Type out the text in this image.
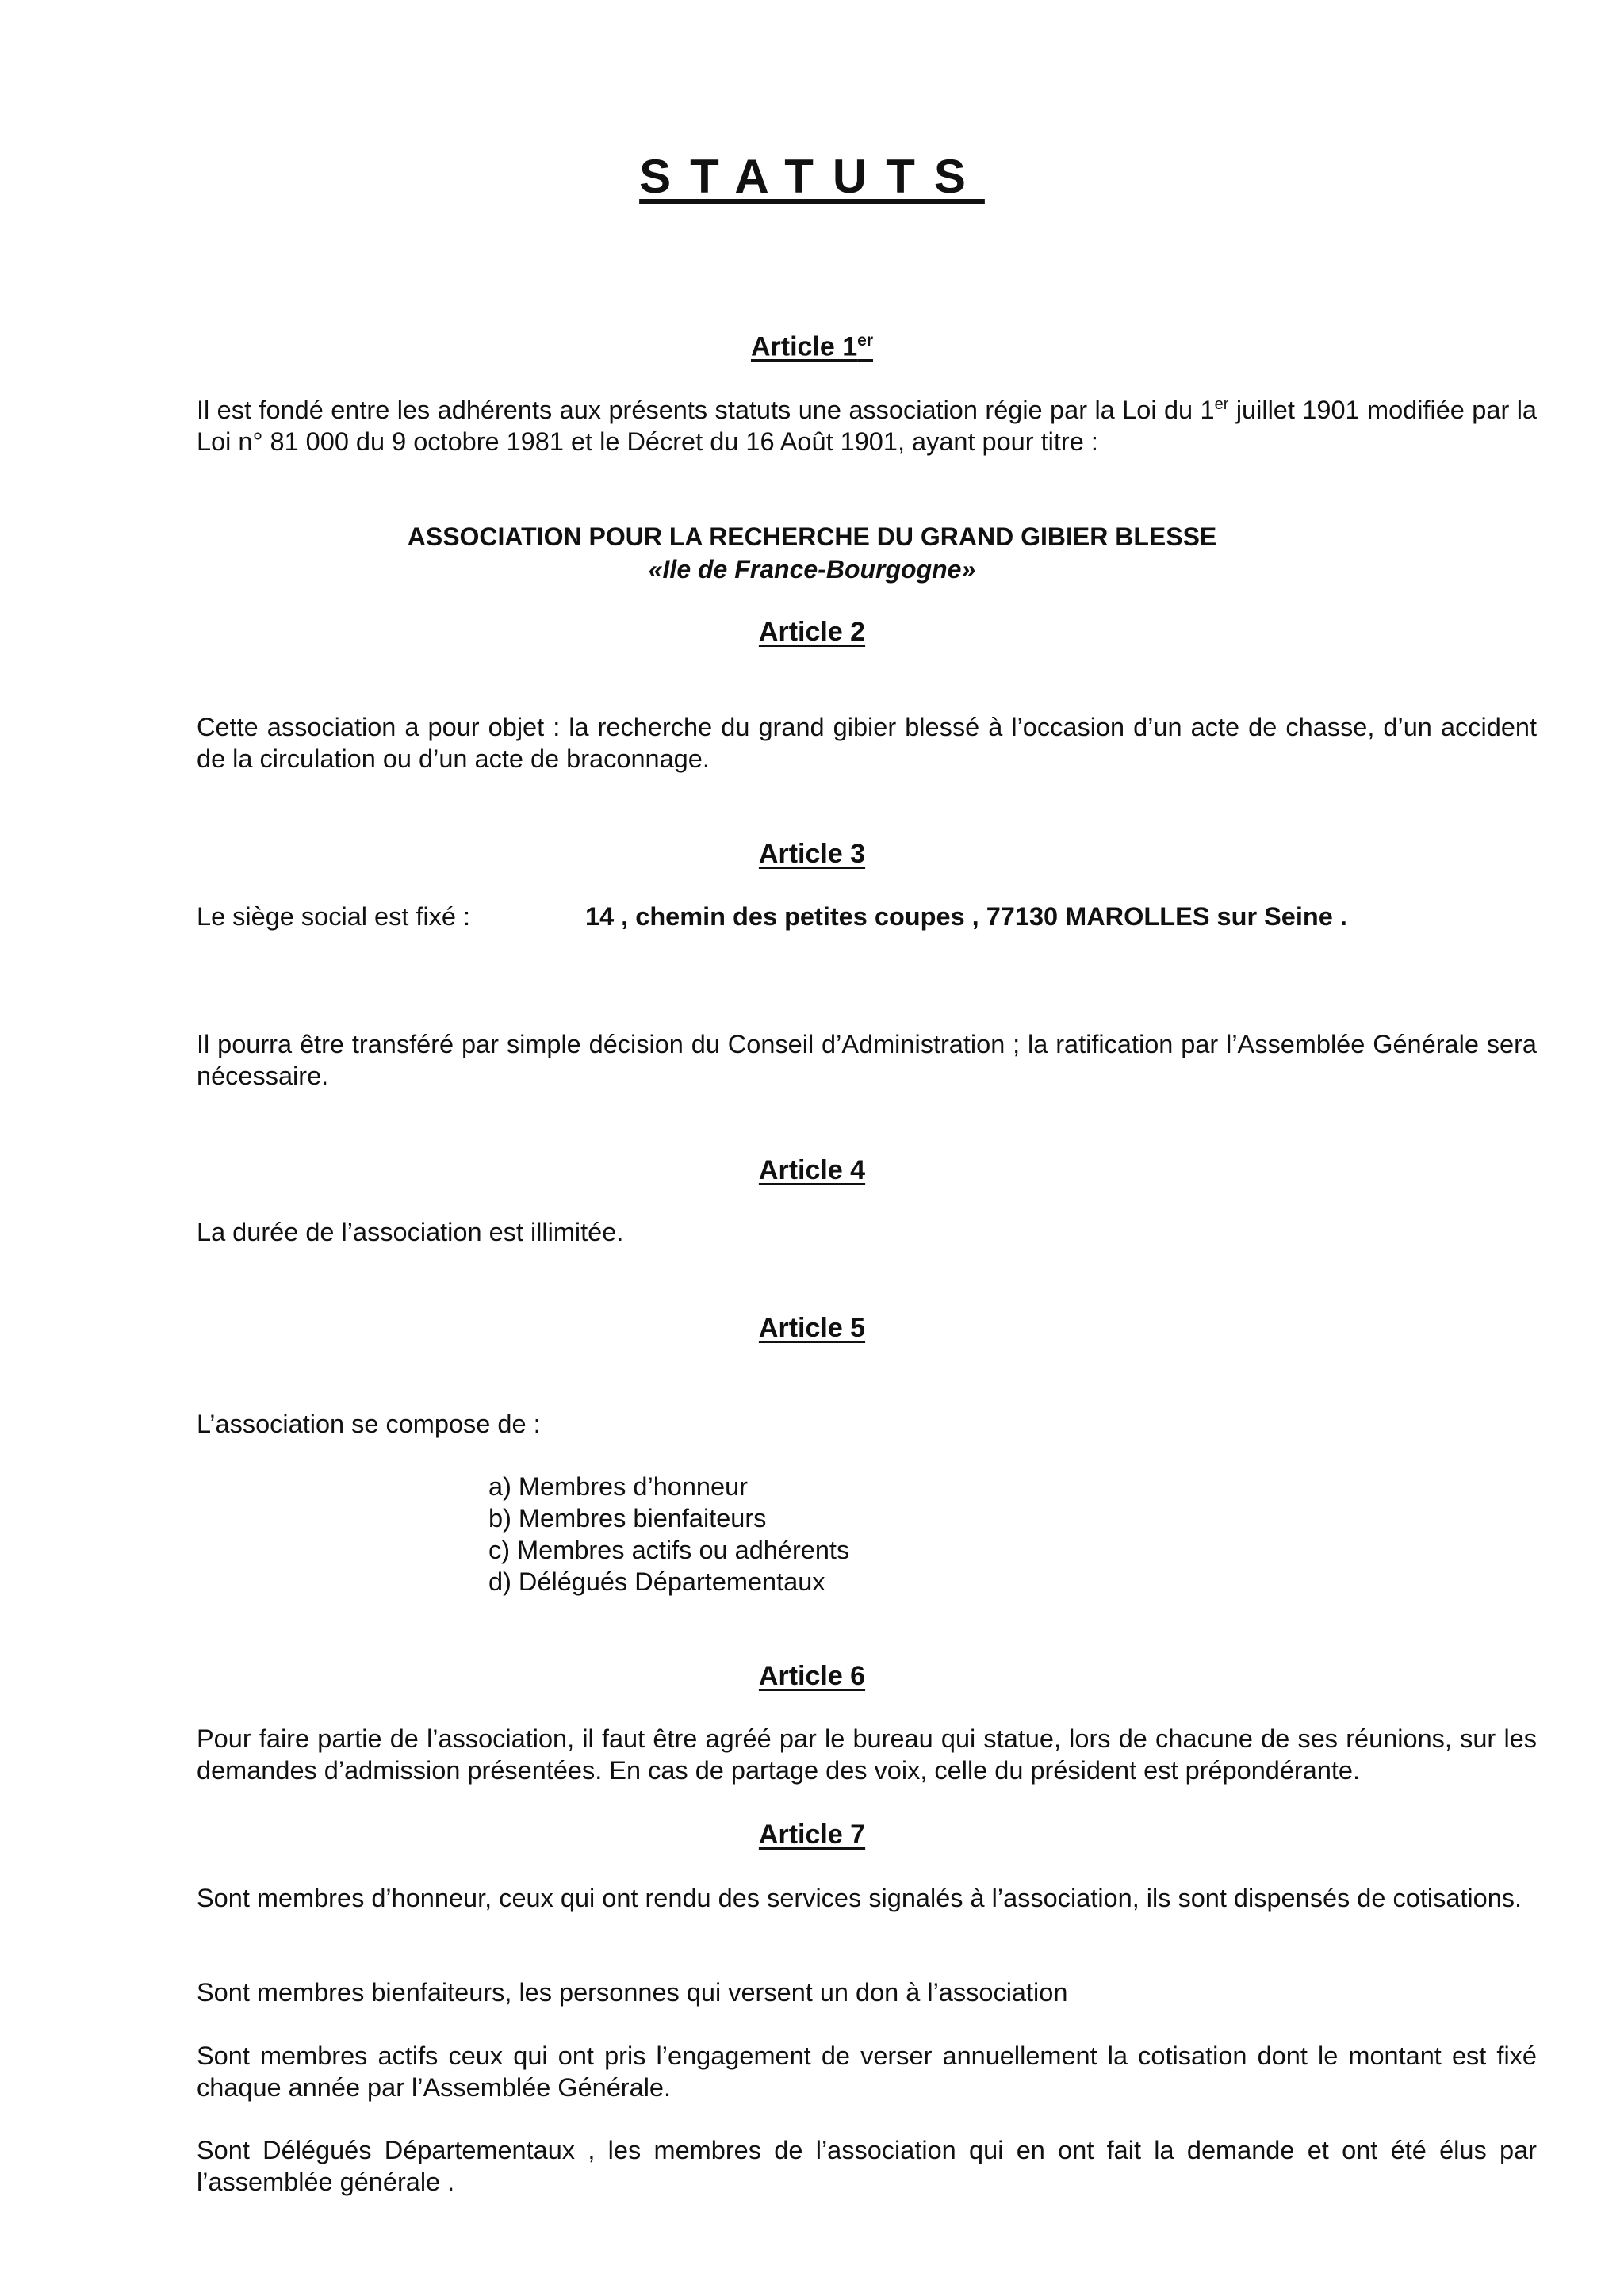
STATUTS
Article 1er
Il est fondé entre les adhérents aux présents statuts une association régie par la Loi du 1er juillet 1901 modifiée par la Loi n° 81 000 du 9 octobre 1981 et le Décret du 16 Août 1901, ayant pour titre :
ASSOCIATION POUR LA RECHERCHE DU GRAND GIBIER BLESSE
«Ile de France-Bourgogne»
Article 2
Cette association a pour objet : la recherche du grand gibier blessé à l’occasion d’un acte de chasse, d’un accident de la circulation ou d’un acte de braconnage.
Article 3
Le siège social est fixé :	14 , chemin des petites coupes , 77130 MAROLLES sur Seine .
Il pourra être transféré par simple décision du Conseil d’Administration ; la ratification par l’Assemblée Générale sera nécessaire.
Article 4
La durée de l’association est illimitée.
Article 5
L’association se compose de :
a) Membres d’honneur
b) Membres bienfaiteurs
c) Membres actifs ou adhérents
d) Délégués Départementaux
Article 6
Pour faire partie de l’association, il faut être agréé par le bureau qui statue, lors de chacune de ses réunions, sur les demandes d’admission présentées. En cas de partage des voix, celle du président est prépondérante.
Article 7
Sont membres d’honneur, ceux qui ont rendu des services signalés à l’association, ils sont dispensés de cotisations.
Sont membres bienfaiteurs, les personnes qui versent un don à l’association
Sont membres actifs ceux qui ont pris l’engagement de verser annuellement la cotisation dont le montant est fixé chaque année par l’Assemblée Générale.
Sont Délégués Départementaux , les membres de l’association qui en ont fait la demande et ont été élus par l’assemblée générale .
